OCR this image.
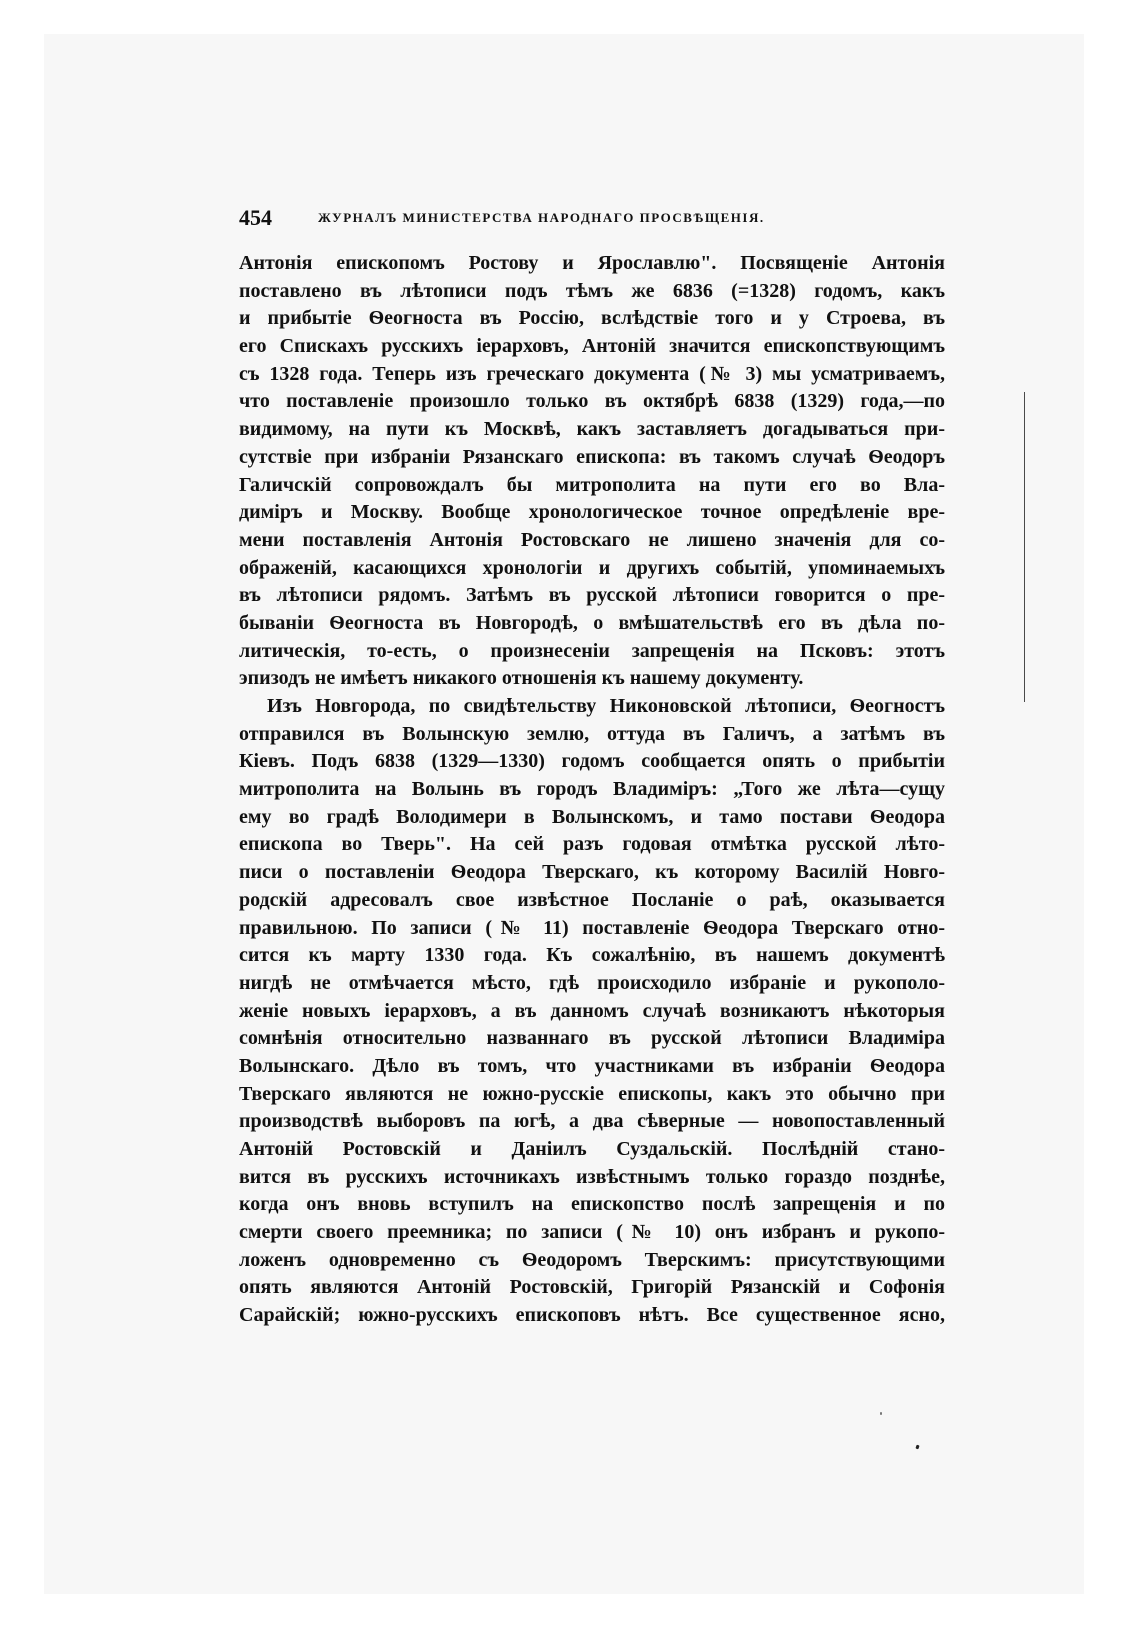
454	ЖУРНАЛЪ МИНИСТЕРСТВА НАРОДНАГО ПРОСВѢЩЕНІЯ.
Антонія епископомъ Ростову и Ярославлю". Посвященіе Антонія
поставлено въ лѣтописи подъ тѣмъ же 6836 (=1328) годомъ, какъ
и прибытіе Ѳеогноста въ Россію, вслѣдствіе того и у Строева, въ
его Спискахъ русскихъ іерарховъ, Антоній значится епископствующимъ
съ 1328 года. Теперь изъ греческаго документа (№ 3) мы усматриваемъ,
что поставленіе произошло только въ октябрѣ 6838 (1329) года,—по
видимому, на пути къ Москвѣ, какъ заставляетъ догадываться при-
сутствіе при избраніи Рязанскаго епископа: въ такомъ случаѣ Ѳеодоръ
Галичскій сопровождалъ бы митрополита на пути его во Вла-
диміръ и Москву. Вообще хронологическое точное опредѣленіе вре-
мени поставленія Антонія Ростовскаго не лишено значенія для со-
ображеній, касающихся хронологіи и другихъ событій, упоминаемыхъ
въ лѣтописи рядомъ. Затѣмъ въ русской лѣтописи говорится о пре-
бываніи Ѳеогноста въ Новгородѣ, о вмѣшательствѣ его въ дѣла по-
литическія, то-есть, о произнесеніи запрещенія на Псковъ: этотъ
эпизодъ не имѣетъ никакого отношенія къ нашему документу.
Изъ Новгорода, по свидѣтельству Никоновской лѣтописи, Ѳеогностъ
отправился въ Волынскую землю, оттуда въ Галичъ, а затѣмъ въ
Кіевъ. Подъ 6838 (1329—1330) годомъ сообщается опять о прибытіи
митрополита на Волынь въ городъ Владиміръ: „Того же лѣта—сущу
ему во градѣ Володимери в Волынскомъ, и тамо постави Ѳеодора
епископа во Тверь". На сей разъ годовая отмѣтка русской лѣто-
писи о поставленіи Ѳеодора Тверскаго, къ которому Василій Новго-
родскій адресовалъ свое извѣстное Посланіе о раѣ, оказывается
правильною. По записи (№ 11) поставленіе Ѳеодора Тверскаго отно-
сится къ марту 1330 года. Къ сожалѣнію, въ нашемъ документѣ
нигдѣ не отмѣчается мѣсто, гдѣ происходило избраніе и рукополо-
женіе новыхъ іерарховъ, а въ данномъ случаѣ возникаютъ нѣкоторыя
сомнѣнія относительно названнаго въ русской лѣтописи Владиміра
Волынскаго. Дѣло въ томъ, что участниками въ избраніи Ѳеодора
Тверскаго являются не южно-русскіе епископы, какъ это обычно при
производствѣ выборовъ па югѣ, а два сѣверные — новопоставленный
Антоній Ростовскій и Даніилъ Суздальскій. Послѣдній стано-
вится въ русскихъ источникахъ извѣстнымъ только гораздо позднѣе,
когда онъ вновь вступилъ на епископство послѣ запрещенія и по
смерти своего преемника; по записи (№ 10) онъ избранъ и рукопо-
ложенъ одновременно съ Ѳеодоромъ Тверскимъ: присутствующими
опять являются Антоній Ростовскій, Григорій Рязанскій и Софонія
Сарайскій; южно-русскихъ епископовъ нѣтъ. Все существенное ясно,
